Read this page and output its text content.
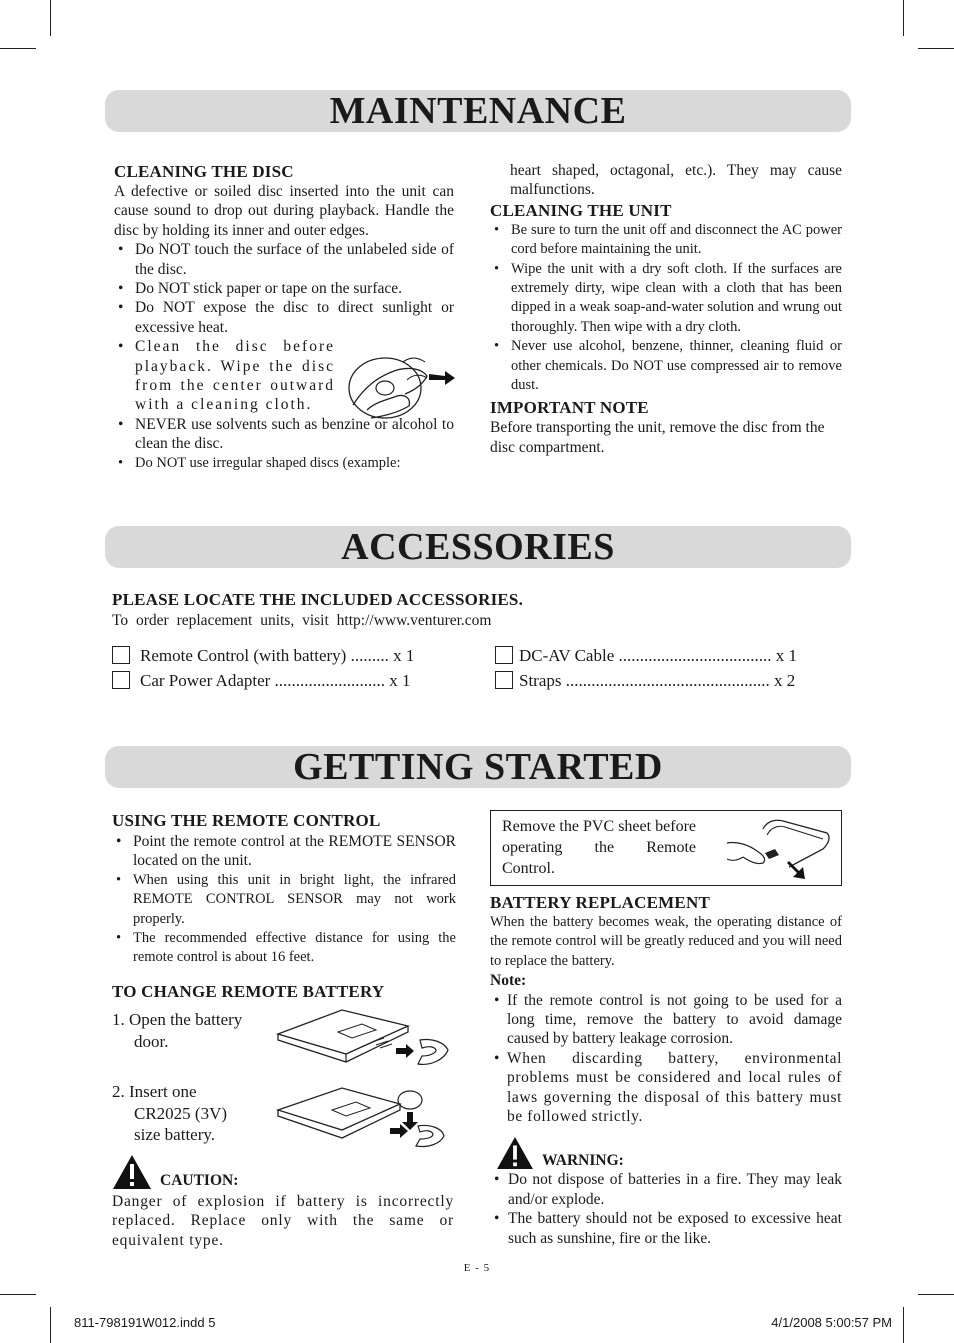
MAINTENANCE
CLEANING THE DISC
A defective or soiled disc inserted into the unit can cause sound to drop out during playback. Handle the disc by holding its inner and outer edges.
• Do NOT touch the surface of the unlabeled side of the disc.
• Do NOT stick paper or tape on the surface.
• Do NOT expose the disc to direct sunlight or excessive heat.
• Clean the disc before playback. Wipe the disc from the center outward with a cleaning cloth.
• NEVER use solvents such as benzine or alcohol to clean the disc.
• Do NOT use irregular shaped discs (example:
heart shaped, octagonal, etc.). They may cause malfunctions.
CLEANING THE UNIT
• Be sure to turn the unit off and disconnect the AC power cord before maintaining the unit.
• Wipe the unit with a dry soft cloth. If the surfaces are extremely dirty, wipe clean with a cloth that has been dipped in a weak soap-and-water solution and wrung out thoroughly. Then wipe with a dry cloth.
• Never use alcohol, benzene, thinner, cleaning fluid or other chemicals. Do NOT use compressed air to remove dust.
IMPORTANT NOTE
Before transporting the unit, remove the disc from the disc compartment.
ACCESSORIES
PLEASE LOCATE THE INCLUDED ACCESSORIES.
To order replacement units, visit http://www.venturer.com
Remote Control (with battery) ......... x 1
Car Power Adapter .......................... x 1
DC-AV Cable .................................... x 1
Straps ................................................ x 2
GETTING STARTED
USING THE REMOTE CONTROL
• Point the remote control at the REMOTE SENSOR located on the unit.
• When using this unit in bright light, the infrared REMOTE CONTROL SENSOR may not work properly.
• The recommended effective distance for using the remote control is about 16 feet.
TO CHANGE REMOTE BATTERY
1. Open the battery door.
2. Insert one CR2025 (3V) size battery.
CAUTION:
Danger of explosion if battery is incorrectly replaced. Replace only with the same or equivalent type.
Remove the PVC sheet before operating the Remote Control.
BATTERY REPLACEMENT
When the battery becomes weak, the operating distance of the remote control will be greatly reduced and you will need to replace the battery.
Note:
• If the remote control is not going to be used for a long time, remove the battery to avoid damage caused by battery leakage corrosion.
• When discarding battery, environmental problems must be considered and local rules of laws governing the disposal of this battery must be followed strictly.
WARNING:
• Do not dispose of batteries in a fire. They may leak and/or explode.
• The battery should not be exposed to excessive heat such as sunshine, fire or the like.
E - 5
811-798191W012.indd 5	4/1/2008 5:00:57 PM
